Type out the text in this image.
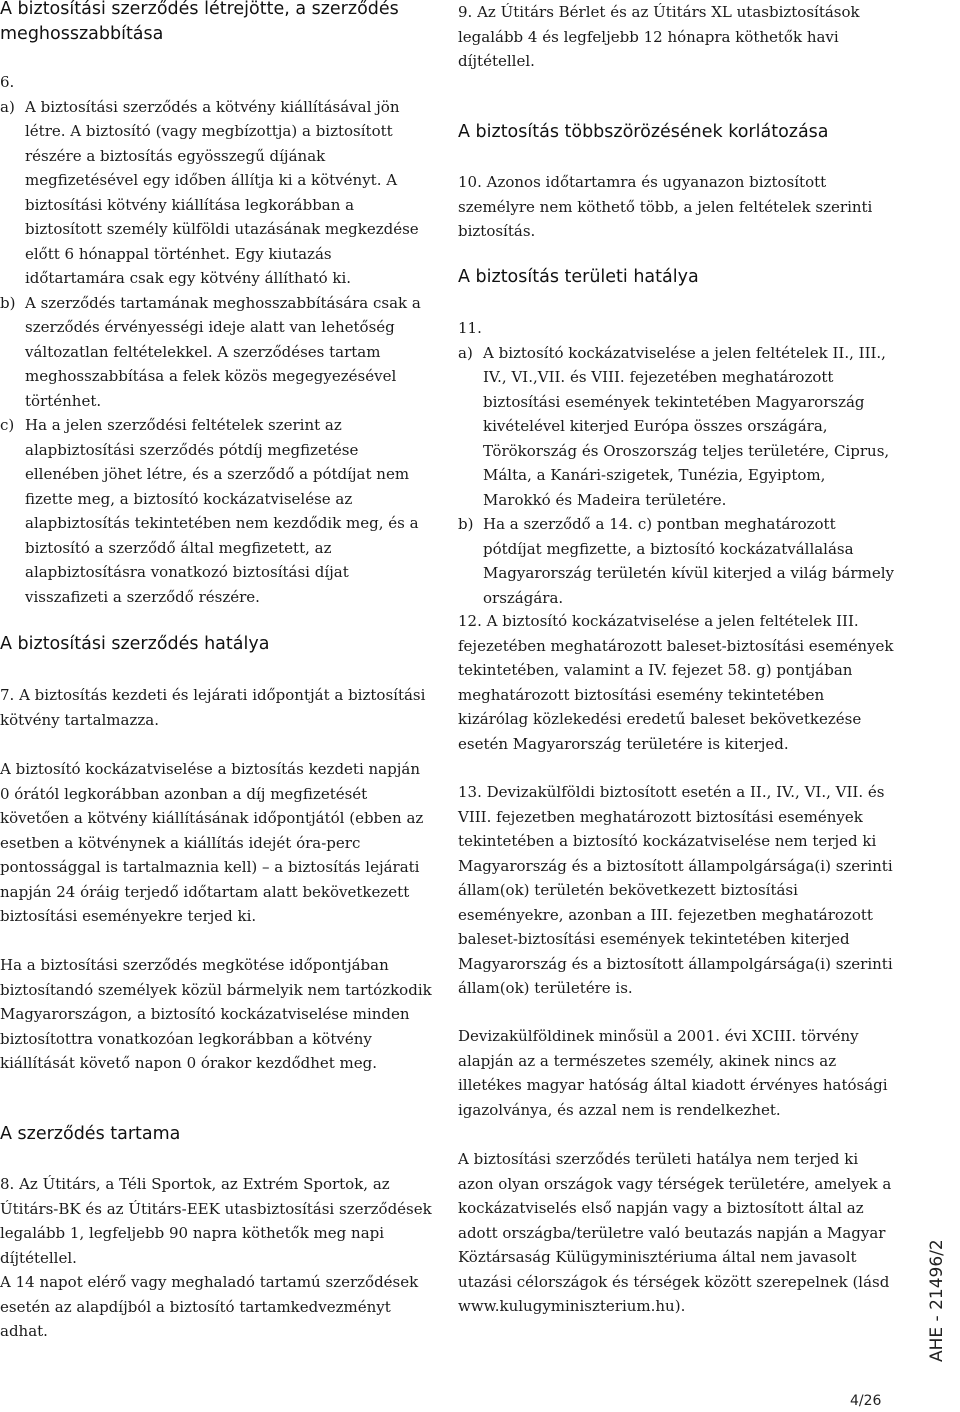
A biztosítási szerződés létrejötte, a szerződés meghosszabbítása

6.

a) A biztosítási szerződés a kötvény kiállításával jön létre. A biztosító (vagy megbízottja) a biztosított részére a biztosítás egyösszegű díjának megfizetésével egy időben állítja ki a kötvényt. A biztosítási kötvény kiállítása legkorábban a biztosított személy külföldi utazásának megkezdése előtt 6 hónappal történhet. Egy kiutazás időtartamára csak egy kötvény állítható ki.

b) A szerződés tartamának meghosszabbítására csak a szerződés érvényességi ideje alatt van lehetőség változatlan feltételekkel. A szerződéses tartam meghosszabbítása a felek közös megegyezésével történhet.

c) Ha a jelen szerződési feltételek szerint az alapbiztosítási szerződés pótdíj megfizetése ellenében jöhet létre, és a szerződő a pótdíjat nem fizette meg, a biztosító kockázatviselése az alapbiztosítás tekintetében nem kezdődik meg, és a biztosító a szerződő által megfizetett, az alapbiztosításra vonatkozó biztosítási díjat visszafizeti a szerződő részére.

A biztosítási szerződés hatálya

7. A biztosítás kezdeti és lejárati időpontját a biztosítási kötvény tartalmazza.

A biztosító kockázatviselése a biztosítás kezdeti napján 0 órától legkorábban azonban a díj megfizetését követően a kötvény kiállításának időpontjától (ebben az esetben a kötvénynek a kiállítás idejét óra-perc pontossággal is tartalmaznia kell) – a biztosítás lejárati napján 24 óráig terjedő időtartam alatt bekövetkezett biztosítási eseményekre terjed ki.

Ha a biztosítási szerződés megkötése időpontjában biztosítandó személyek közül bármelyik nem tartózkodik Magyarországon, a biztosító kockázatviselése minden biztosítottra vonatkozóan legkorábban a kötvény kiállítását követő napon 0 órakor kezdődhet meg.

A szerződés tartama

8. Az Útitárs, a Téli Sportok, az Extrém Sportok, az Útitárs-BK és az Útitárs-EEK utasbiztosítási szerződések legalább 1, legfeljebb 90 napra köthetők meg napi díjtétellel.

A 14 napot elérő vagy meghaladó tartamú szerződések esetén az alapdíjból a biztosító tartamkedvezményt adhat.

9. Az Útitárs Bérlet és az Útitárs XL utasbiztosítások legalább 4 és legfeljebb 12 hónapra köthetők havi díjtétellel.

A biztosítás többszörözésének korlátozása

10. Azonos időtartamra és ugyanazon biztosított személyre nem köthető több, a jelen feltételek szerinti biztosítás.

A biztosítás területi hatálya

11.

a) A biztosító kockázatviselése a jelen feltételek II., III., IV., VI.,VII. és VIII. fejezetében meghatározott biztosítási események tekintetében Magyarország kivételével kiterjed Európa összes országára, Törökország és Oroszország teljes területére, Ciprus, Málta, a Kanári-szigetek, Tunézia, Egyiptom, Marokkó és Madeira területére.

b) Ha a szerződő a 14. c) pontban meghatározott pótdíjat megfizette, a biztosító kockázatvállalása Magyarország területén kívül kiterjed a világ bármely országára.

12. A biztosító kockázatviselése a jelen feltételek III. fejezetében meghatározott baleset-biztosítási események tekintetében, valamint a IV. fejezet 58. g) pontjában meghatározott biztosítási esemény tekintetében kizárólag közlekedési eredetű baleset bekövetkezése esetén Magyarország területére is kiterjed.

13. Devizakülföldi biztosított esetén a II., IV., VI., VII. és VIII. fejezetben meghatározott biztosítási események tekintetében a biztosító kockázatviselése nem terjed ki Magyarország és a biztosított állampolgársága(i) szerinti állam(ok) területén bekövetkezett biztosítási eseményekre, azonban a III. fejezetben meghatározott baleset-biztosítási események tekintetében kiterjed Magyarország és a biztosított állampolgársága(i) szerinti állam(ok) területére is.

Devizakülföldinek minősül a 2001. évi XCIII. törvény alapján az a természetes személy, akinek nincs az illetékes magyar hatóság által kiadott érvényes hatósági igazolványa, és azzal nem is rendelkezhet.

A biztosítási szerződés területi hatálya nem terjed ki azon olyan országok vagy térségek területére, amelyek a kockázatviselés első napján vagy a biztosított által az adott országba/területre való beutazás napján a Magyar Köztársaság Külügyminisztériuma által nem javasolt utazási célországok és térségek között szerepelnek (lásd www.kulugyminiszterium.hu).	AHE - 21496/2
4/26
